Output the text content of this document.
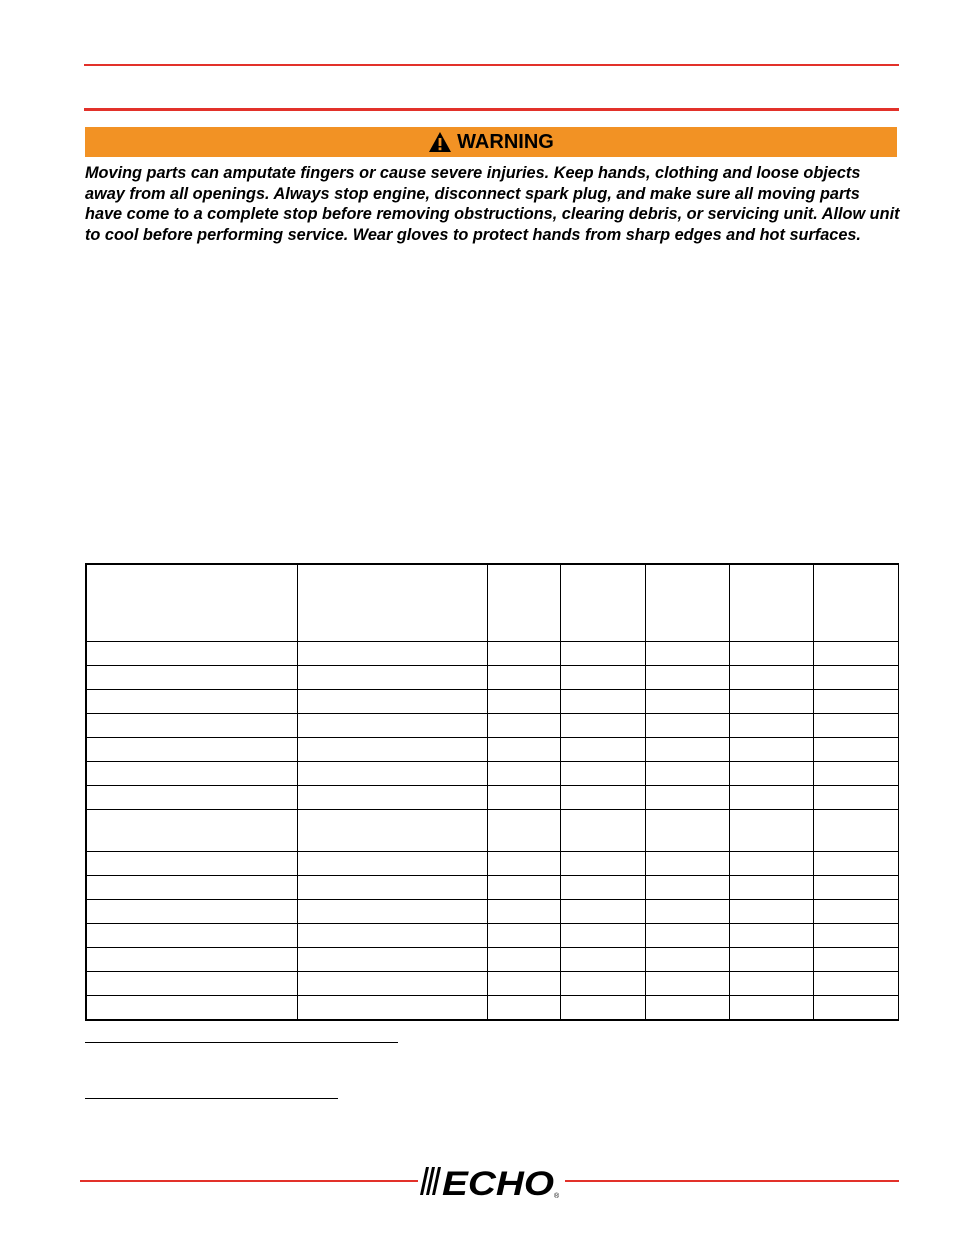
WARNING

Moving parts can amputate fingers or cause severe injuries. Keep hands, clothing and loose objects away from all openings. Always stop engine, disconnect spark plug, and make sure all moving parts have come to a complete stop before removing obstructions, clearing debris, or servicing unit. Allow unit to cool before performing service. Wear gloves to protect hands from sharp edges and hot surfaces.

ECHO ®
